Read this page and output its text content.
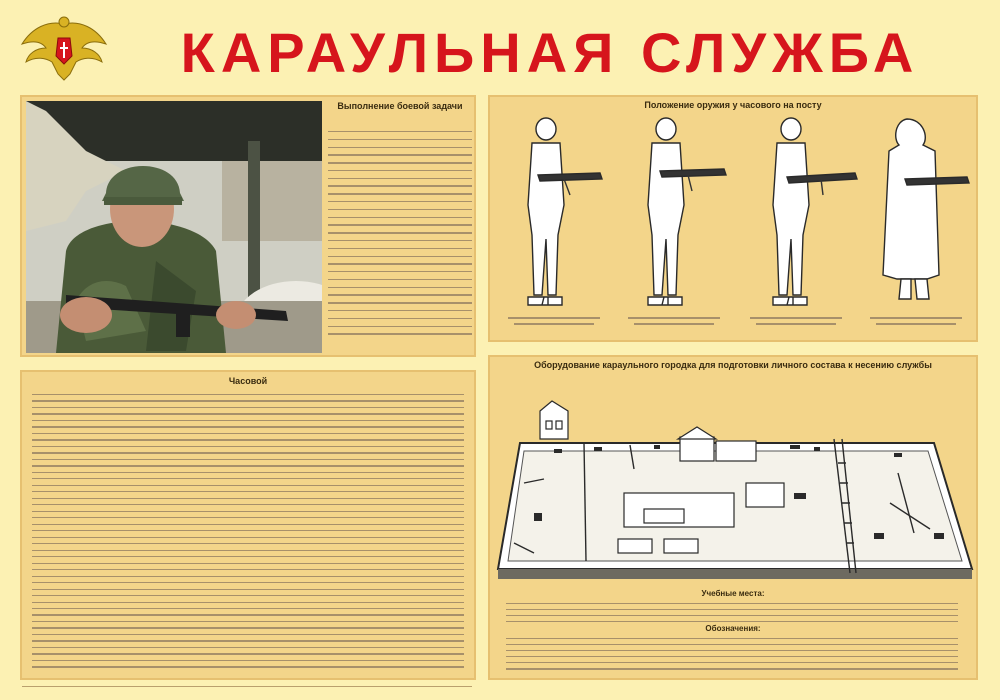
КАРАУЛЬНАЯ СЛУЖБА
Выполнение боевой задачи
Часовой
Положение оружия у часового на посту
Оборудование караульного городка для подготовки личного состава к несению службы
Учебные места:
Обозначения:
